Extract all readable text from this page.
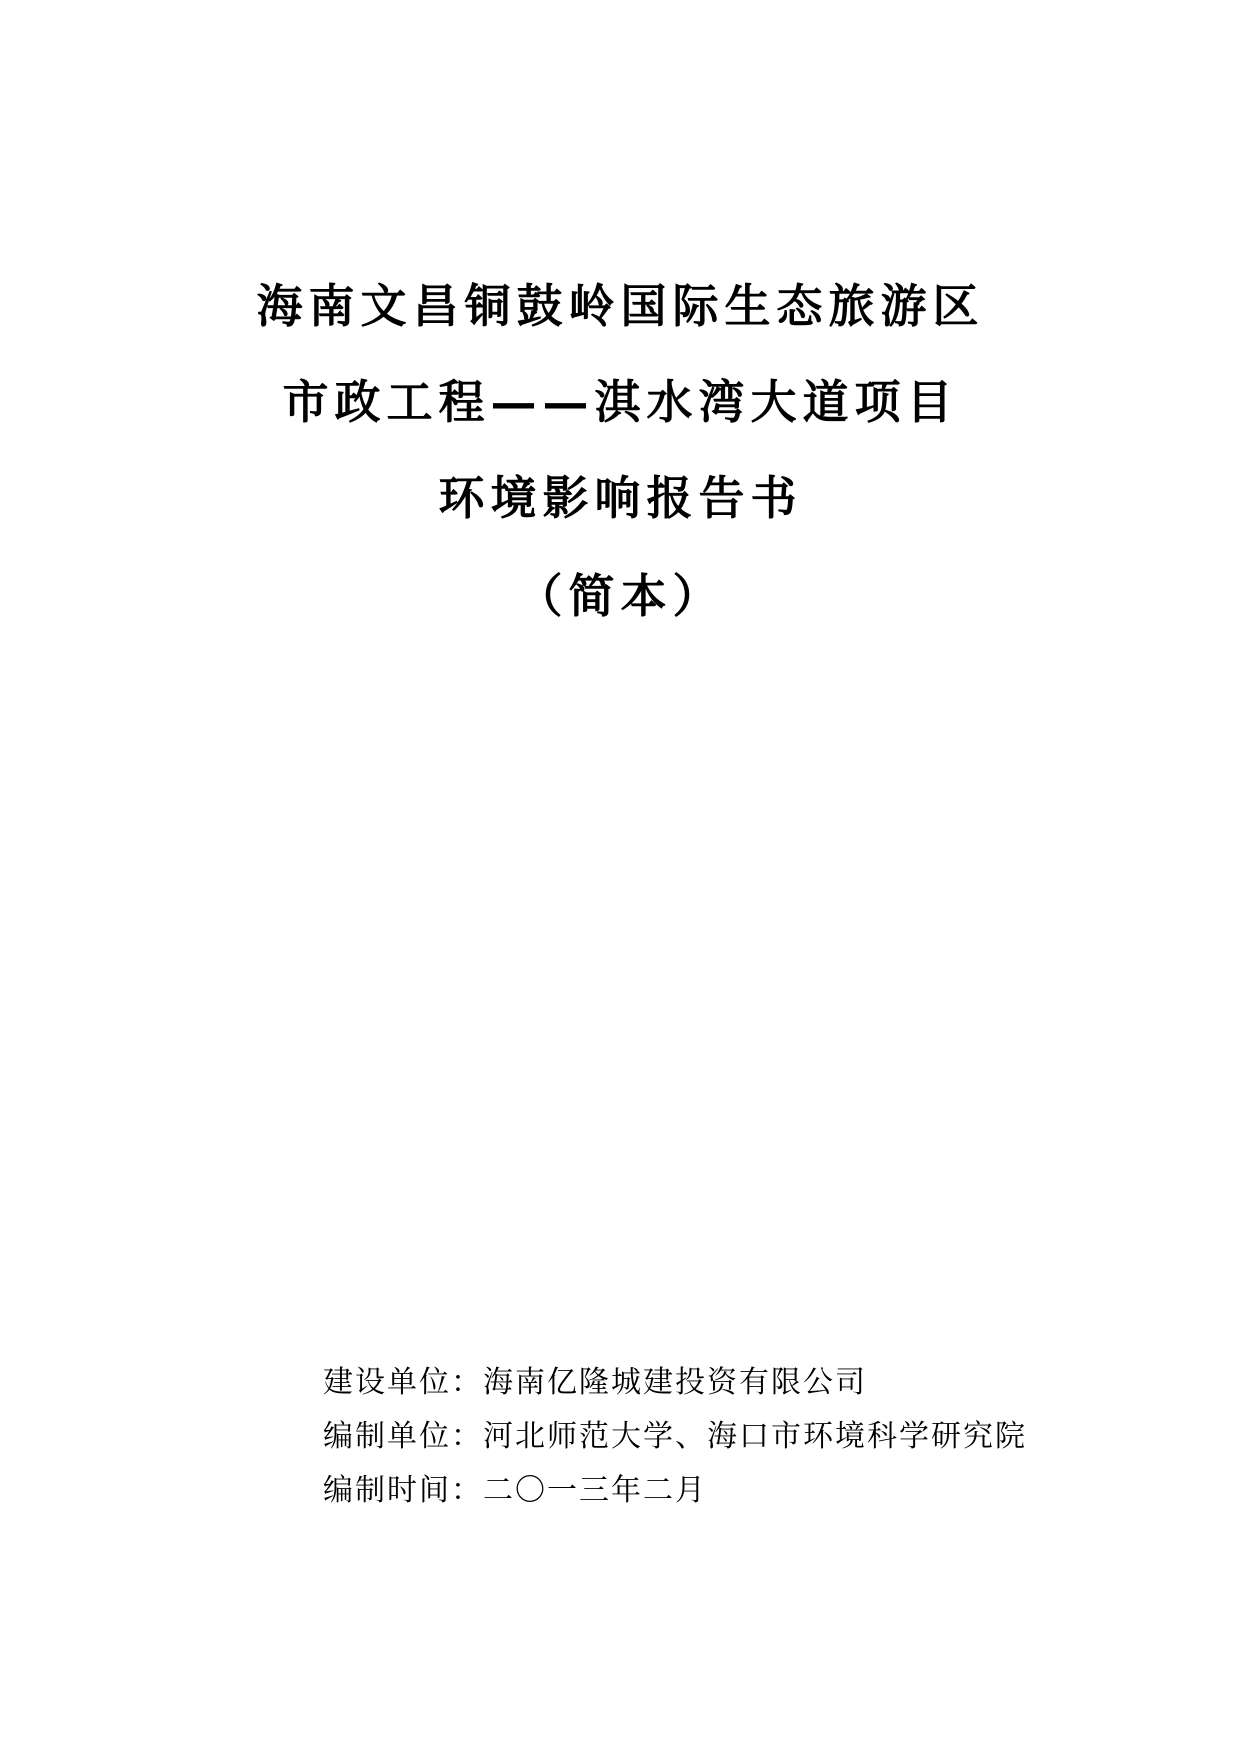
海南文昌铜鼓岭国际生态旅游区
市政工程——淇水湾大道项目
环境影响报告书
（简本）
建设单位：海南亿隆城建投资有限公司
编制单位：河北师范大学、海口市环境科学研究院
编制时间：二〇一三年二月
